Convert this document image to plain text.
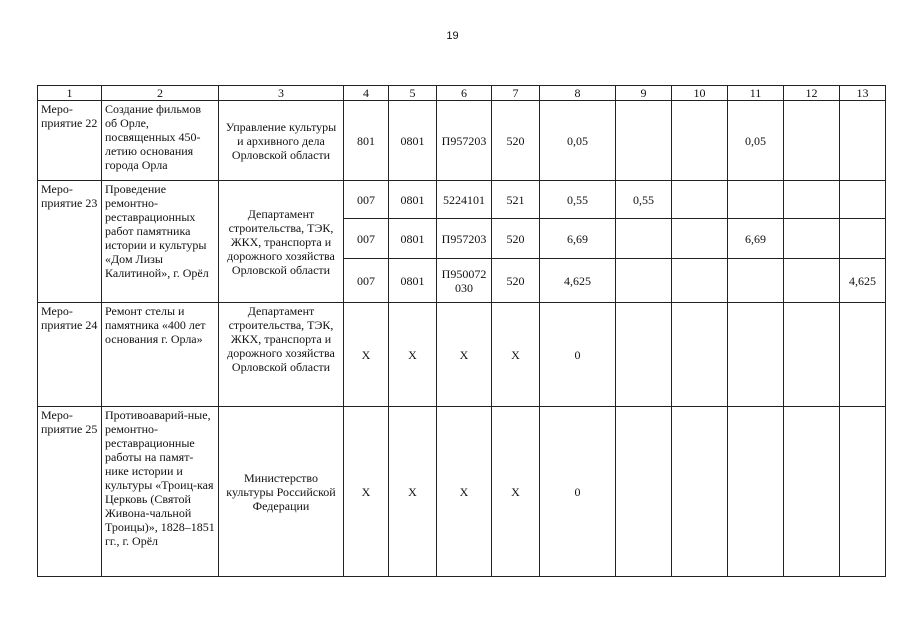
19
1	2	3	4	5	6	7	8	9	10	11	12	13
Меро-приятие 22	Создание фильмов об Орле, посвященных 450-летию основания города Орла	Управление культуры и архивного дела Орловской области	801	0801	П957203	520	0,05			0,05		
Меро-приятие 23	Проведение ремонтно-реставрационных работ памятника истории и культуры «Дом Лизы Калитиной», г. Орёл	Департамент строительства, ТЭК, ЖКХ, транспорта и дорожного хозяйства Орловской области	007	0801	5224101	521	0,55	0,55				
			007	0801	П957203	520	6,69			6,69		
			007	0801	П950072 030	520	4,625					4,625
Меро-приятие 24	Ремонт стелы и памятника «400 лет основания г. Орла»	Департамент строительства, ТЭК, ЖКХ, транспорта и дорожного хозяйства Орловской области	Х	Х	Х	Х	0					
Меро-приятие 25	Противоаварий-ные, ремонтно-реставрационные работы на памят-нике истории и культуры «Троиц-кая Церковь (Святой Живона-чальной Троицы)», 1828–1851 гг., г. Орёл	Министерство культуры Российской Федерации	Х	Х	Х	Х	0					
